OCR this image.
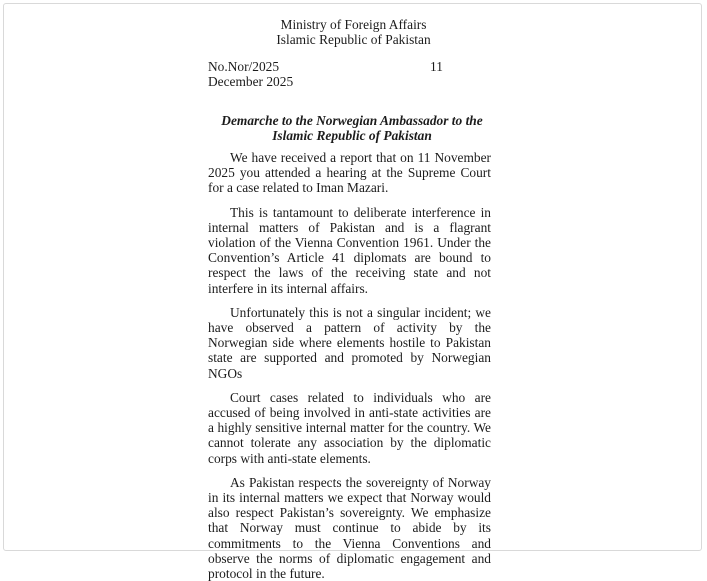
Ministry of Foreign Affairs
Islamic Republic of Pakistan
No.Nor/2025	11
December 2025
Demarche to the Norwegian Ambassador to the
Islamic Republic of Pakistan

We have received a report that on 11 November 2025 you attended a hearing at the Supreme Court for a case related to Iman Mazari.

This is tantamount to deliberate interference in internal matters of Pakistan and is a flagrant violation of the Vienna Convention 1961. Under the Convention’s Article 41 diplomats are bound to respect the laws of the receiving state and not interfere in its internal affairs.

Unfortunately this is not a singular incident; we have observed a pattern of activity by the Norwegian side where elements hostile to Pakistan state are supported and promoted by Norwegian NGOs

Court cases related to individuals who are accused of being involved in anti-state activities are a highly sensitive internal matter for the country. We cannot tolerate any association by the diplomatic corps with anti-state elements.

As Pakistan respects the sovereignty of Norway in its internal matters we expect that Norway would also respect Pakistan’s sovereignty. We emphasize that Norway must continue to abide by its commitments to the Vienna Conventions and observe the norms of diplomatic engagement and protocol in the future.
